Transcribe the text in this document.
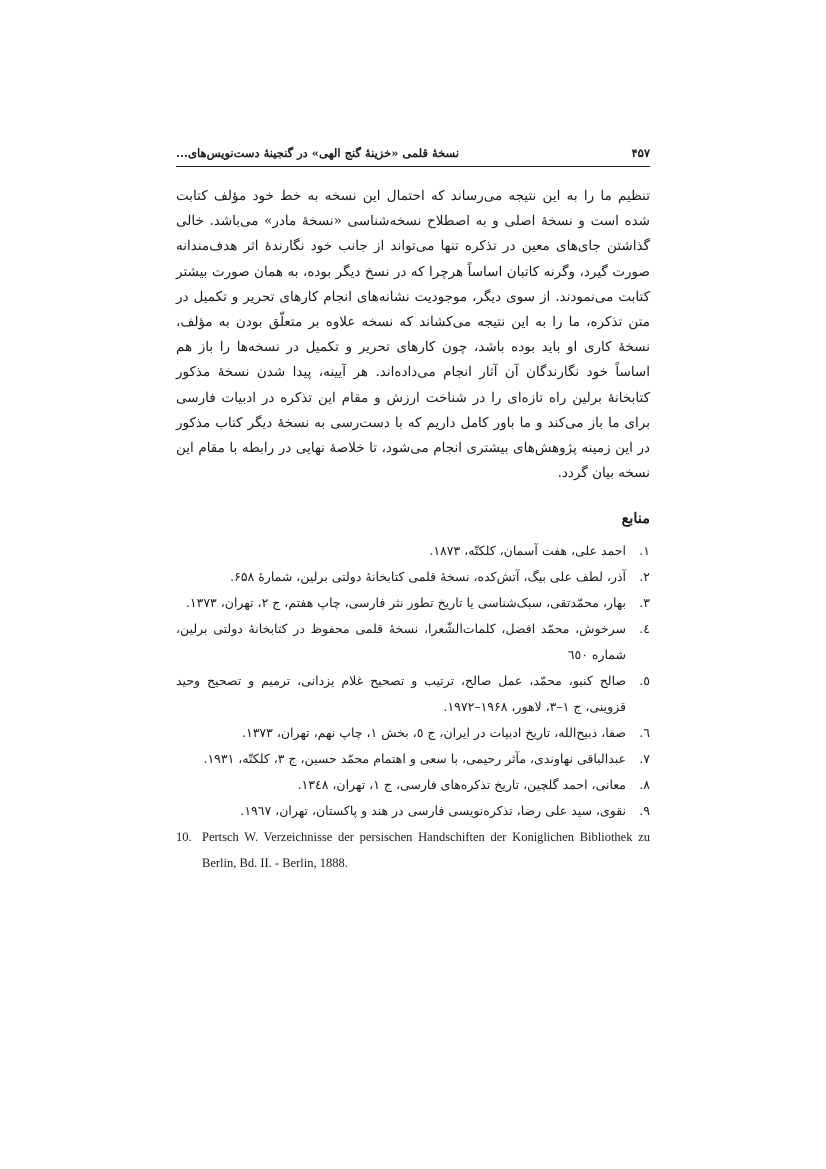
۴۵۷
نسخهٔ قلمی «خزینهٔ گنج الهی» در گنجینهٔ دست‌نویس‌های...

تنظیم ما را به این نتیجه می‌رساند که احتمال این نسخه به خط خود مؤلف کتابت شده است و نسخهٔ اصلی و به اصطلاح نسخه‌شناسی «نسخهٔ مادر» می‌باشد. خالی گذاشتن جای‌های معین در تذکره تنها می‌تواند از جانب خود نگارندهٔ اثر هدف‌مندانه صورت گیرد، وگرنه کاتبان اساساً هرچرا که در نسخ دیگر بوده، به همان صورت بیشتر کتابت می‌نمودند. از سوی دیگر، موجودیت نشانه‌های انجام کارهای تحریر و تکمیل در متن تذکره، ما را به این نتیجه می‌کشاند که نسخه علاوه بر متعلّق بودن به مؤلف، نسخهٔ کاری او باید بوده باشد، چون کارهای تحریر و تکمیل در نسخه‌ها را باز هم اساساً خود نگارندگان آن آثار انجام می‌داده‌اند. هر آیینه، پیدا شدن نسخهٔ مذکور کتابخانهٔ برلین راه تازه‌ای را در شناخت ارزش و مقام این تذکره در ادبیات فارسی برای ما باز می‌کند و ما باور کامل داریم که با دست‌رسی به نسخهٔ دیگر کتاب مذکور در این زمینه پژوهش‌های بیشتری انجام می‌شود، تا خلاصهٔ نهایی در رابطه با مقام این نسخه بیان گردد.

منابع
۱.
احمد علی، هفت آسمان، کلکتّه، ۱۸۷۳.
۲.
آذر، لطف علی بیگ، آتش‌کده، نسخهٔ قلمی کتابخانهٔ دولتی برلین، شمارهٔ ۶۵۸.
۳.
بهار، محمّدتقی، سبک‌شناسی یا تاریخ تطور نثر فارسی، چاپ هفتم، ج ۲، تهران، ۱۳۷۳.
٤.
سرخوش، محمّد افضل، کلمات‌الشّعرا، نسخهٔ قلمی محفوظ در کتابخانهٔ دولتی برلین، شماره ٦٥٠
٥.
صالح کنبو، محمّد، عمل صالح، ترتیب و تصحیح غلام یزدانی، ترمیم و تصحیح وحید قزوینی، ج ۱–۳، لاهور، ۱۹۶۸–۱۹۷۲.
٦.
صفا، ذبیح‌الله، تاریخ ادبیات در ایران، ج ٥، بخش ۱، چاپ نهم، تهران، ۱۳۷۳.
۷.
عبدالباقی نهاوندی، مآثر رحیمی، با سعی و اهتمام محمّد حسین، ج ۳، کلکتّه، ۱۹۳۱.
۸.
معانی، احمد گلچین، تاریخ تذکره‌های فارسی، ج ۱، تهران، ۱۳٤۸.
۹.
نقوی، سید علی رضا، تذکره‌نویسی فارسی در هند و پاکستان، تهران، ۱۹٦۷.
10. Pertsch W. Verzeichnisse der persischen Handschiften der Koniglichen Bibliothek zu Berlin, Bd. II. - Berlin, 1888.
